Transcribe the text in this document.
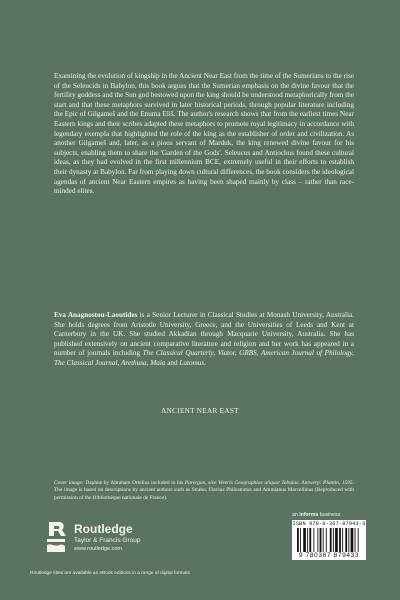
Examining the evolution of kingship in the Ancient Near East from the time of the Sumerians to the rise of the Seleucids in Babylon, this book argues that the Sumerian emphasis on the divine favour that the fertility goddess and the Sun god bestowed upon the king should be understood metaphorically from the start and that these metaphors survived in later historical periods, through popular literature including the Epic of Gilgameš and the Enuma Eliš. The author's research shows that from the earliest times Near Eastern kings and their scribes adapted these metaphors to promote royal legitimacy in accordance with legendary exempla that highlighted the role of the king as the establisher of order and civilization. As another Gilgameš and, later, as a pious servant of Marduk, the king renewed divine favour for his subjects, enabling them to share the 'Garden of the Gods'. Seleucus and Antiochus found these cultural ideas, as they had evolved in the first millennium BCE, extremely useful in their efforts to establish their dynasty at Babylon. Far from playing down cultural differences, the book considers the ideological agendas of ancient Near Eastern empires as having been shaped mainly by class – rather than race-minded elites.

Eva Anagnostou-Laoutides is a Senior Lecturer in Classical Studies at Monash University, Australia. She holds degrees from Aristotle University, Greece, and the Universities of Leeds and Kent at Canterbury in the UK. She studied Akkadian through Macquarie University, Australia. She has published extensively on ancient comparative literature and religion and her work has appeared in a number of journals including The Classical Quarterly, Viator, GRBS, American Journal of Philology, The Classical Journal, Arethusa, Maia and Latomus.

ANCIENT NEAR EAST

Cover image: Daphne by Abraham Ortelius included in his Parergon, sive Veteris Geographiae aliquot Tabulae. Antwerp: Plantin, 1595. The image is based on descriptions by ancient authors such as Strabo, Flavius Philostratus and Ammianus Marcellinus (Reproduced with permission of the Bibliothèque nationale de France).

Routledge
Taylor & Francis Group
www.routledge.com
an informa business
ISBN 978-0-367-87943-3
9 780367 879433
Routledge titles are available as eBook editions in a range of digital formats
